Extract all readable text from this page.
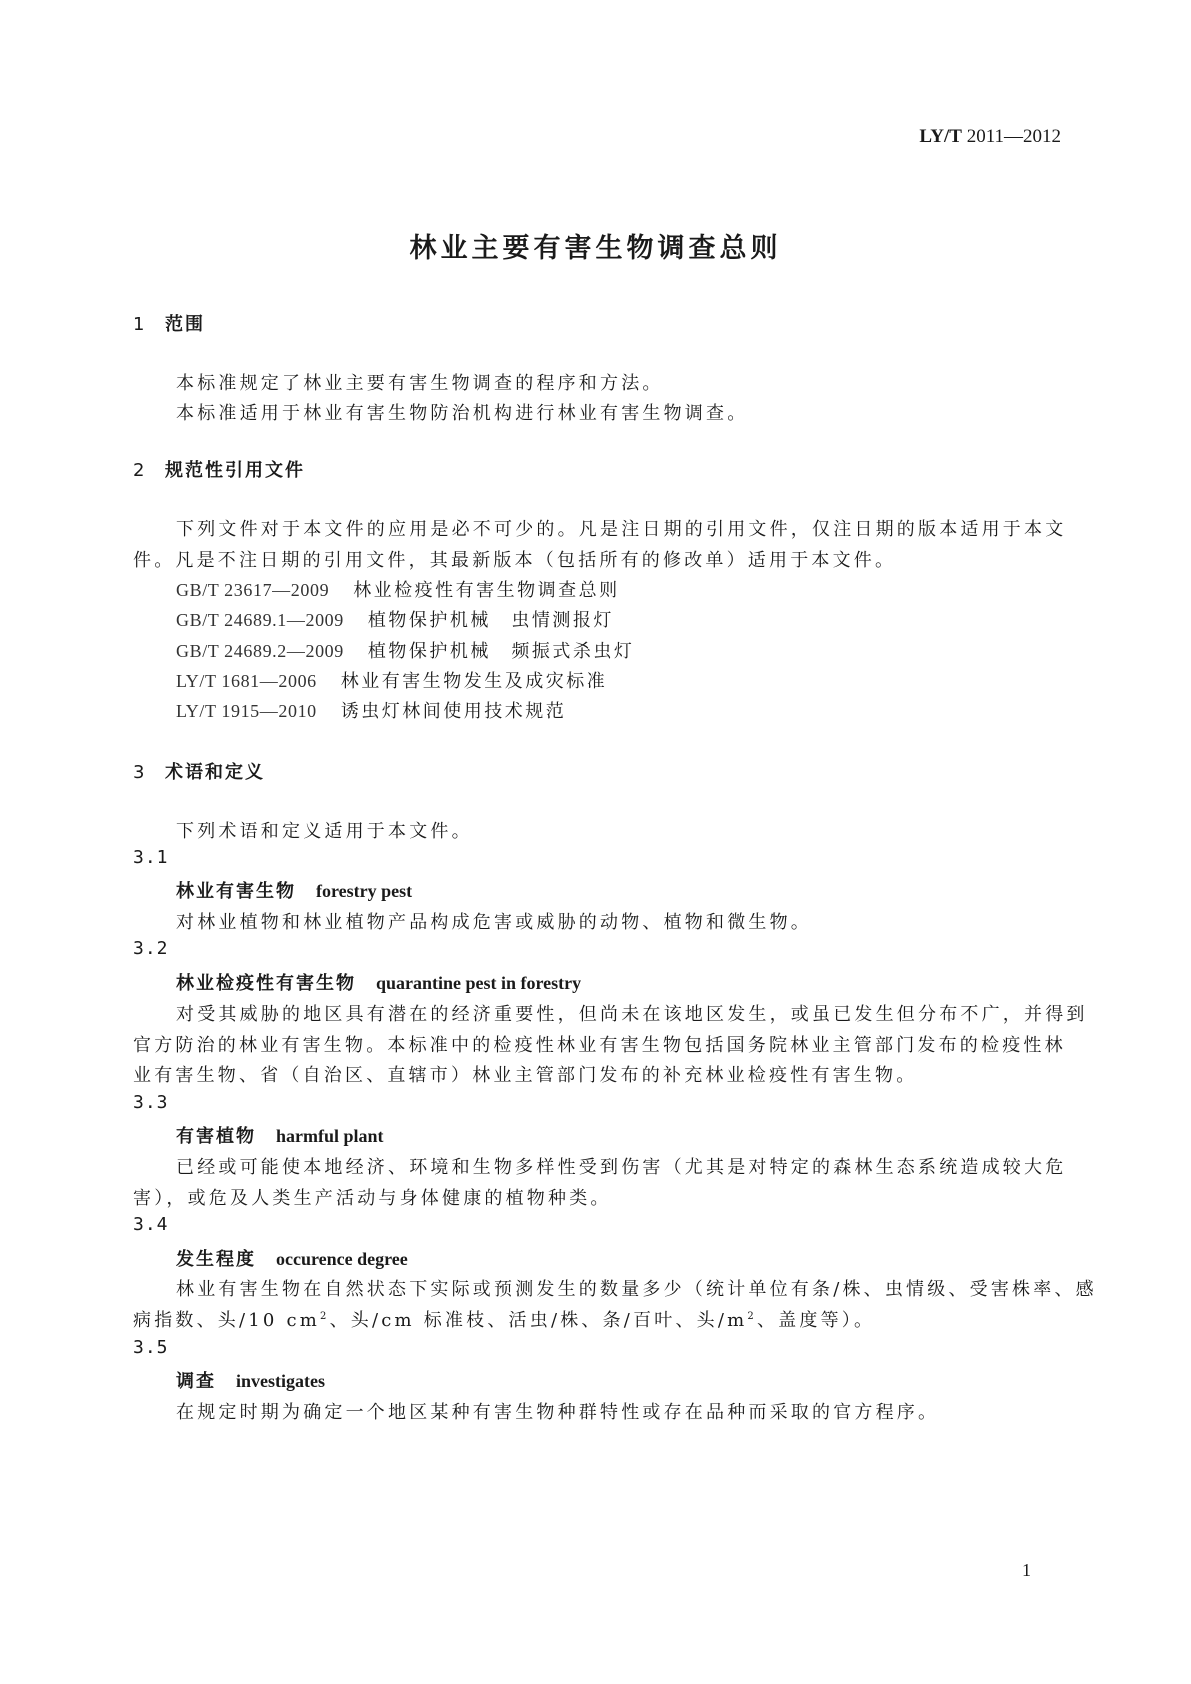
LY/T 2011—2012
林业主要有害生物调查总则
1 范围
本标准规定了林业主要有害生物调查的程序和方法。
本标准适用于林业有害生物防治机构进行林业有害生物调查。
2 规范性引用文件
下列文件对于本文件的应用是必不可少的。凡是注日期的引用文件，仅注日期的版本适用于本文
件。凡是不注日期的引用文件，其最新版本（包括所有的修改单）适用于本文件。
GB/T 23617—2009 林业检疫性有害生物调查总则
GB/T 24689.1—2009 植物保护机械　虫情测报灯
GB/T 24689.2—2009 植物保护机械　频振式杀虫灯
LY/T 1681—2006 林业有害生物发生及成灾标准
LY/T 1915—2010 诱虫灯林间使用技术规范
3 术语和定义
下列术语和定义适用于本文件。
3.1
林业有害生物 forestry pest
对林业植物和林业植物产品构成危害或威胁的动物、植物和微生物。
3.2
林业检疫性有害生物 quarantine pest in forestry
对受其威胁的地区具有潜在的经济重要性，但尚未在该地区发生，或虽已发生但分布不广，并得到
官方防治的林业有害生物。本标准中的检疫性林业有害生物包括国务院林业主管部门发布的检疫性林
业有害生物、省（自治区、直辖市）林业主管部门发布的补充林业检疫性有害生物。
3.3
有害植物 harmful plant
已经或可能使本地经济、环境和生物多样性受到伤害（尤其是对特定的森林生态系统造成较大危
害），或危及人类生产活动与身体健康的植物种类。
3.4
发生程度 occurence degree
林业有害生物在自然状态下实际或预测发生的数量多少（统计单位有条/株、虫情级、受害株率、感
病指数、头/10 $cm^2$、头/cm 标准枝、活虫/株、条/百叶、头$/m^2$、盖度等）。
3.5
调查 investigates
在规定时期为确定一个地区某种有害生物种群特性或存在品种而采取的官方程序。
1
